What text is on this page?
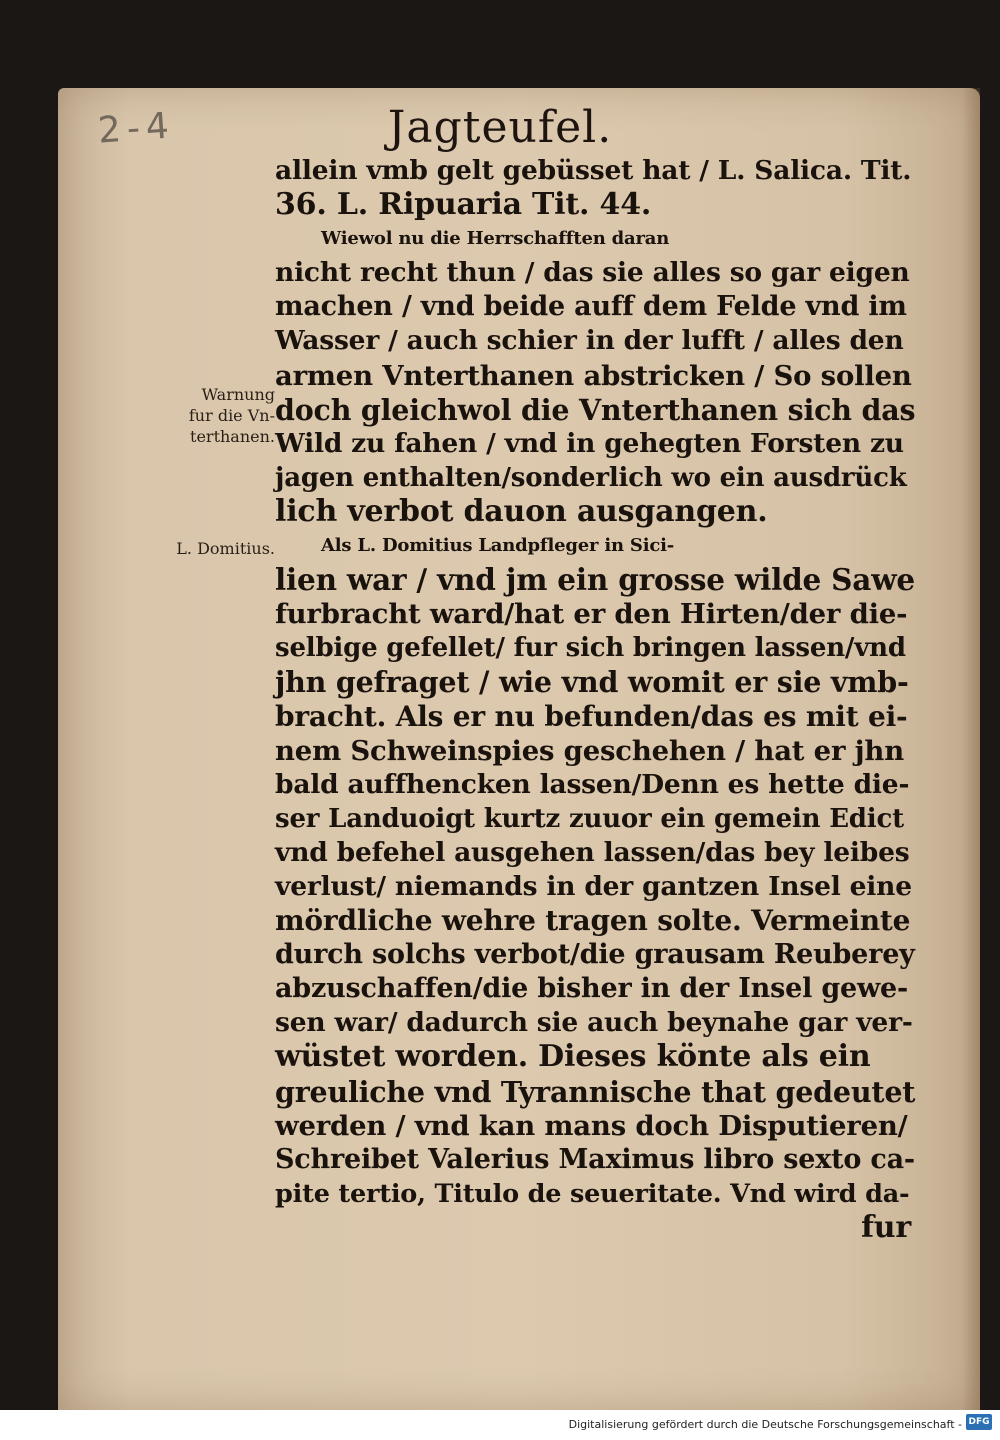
2-4	Jagteufel.
Warnung
fur die Vn-
terthanen.
L. Domitius.
allein vmb gelt gebüsset hat / L. Salica. Tit.
36. L. Ripuaria Tit. 44.
Wiewol nu die Herrschafften daran
nicht recht thun / das sie alles so gar eigen
machen / vnd beide auff dem Felde vnd im
Wasser / auch schier in der lufft / alles den
armen Vnterthanen abstricken / So sollen
doch gleichwol die Vnterthanen sich das
Wild zu fahen / vnd in gehegten Forsten zu
jagen enthalten/sonderlich wo ein ausdrück
lich verbot dauon ausgangen.
Als L. Domitius Landpfleger in Sici-
lien war / vnd jm ein grosse wilde Sawe
furbracht ward/hat er den Hirten/der die-
selbige gefellet/ fur sich bringen lassen/vnd
jhn gefraget / wie vnd womit er sie vmb-
bracht. Als er nu befunden/das es mit ei-
nem Schweinspies geschehen / hat er jhn
bald auffhencken lassen/Denn es hette die-
ser Landuoigt kurtz zuuor ein gemein Edict
vnd befehel ausgehen lassen/das bey leibes
verlust/ niemands in der gantzen Insel eine
mördliche wehre tragen solte. Vermeinte
durch solchs verbot/die grausam Reuberey
abzuschaffen/die bisher in der Insel gewe-
sen war/ dadurch sie auch beynahe gar ver-
wüstet worden. Dieses könte als ein
greuliche vnd Tyrannische that gedeutet
werden / vnd kan mans doch Disputieren/
Schreibet Valerius Maximus libro sexto ca-
pite tertio, Titulo de seueritate. Vnd wird da-
fur
Digitalisierung gefördert durch die Deutsche Forschungsgemeinschaft - DFG
